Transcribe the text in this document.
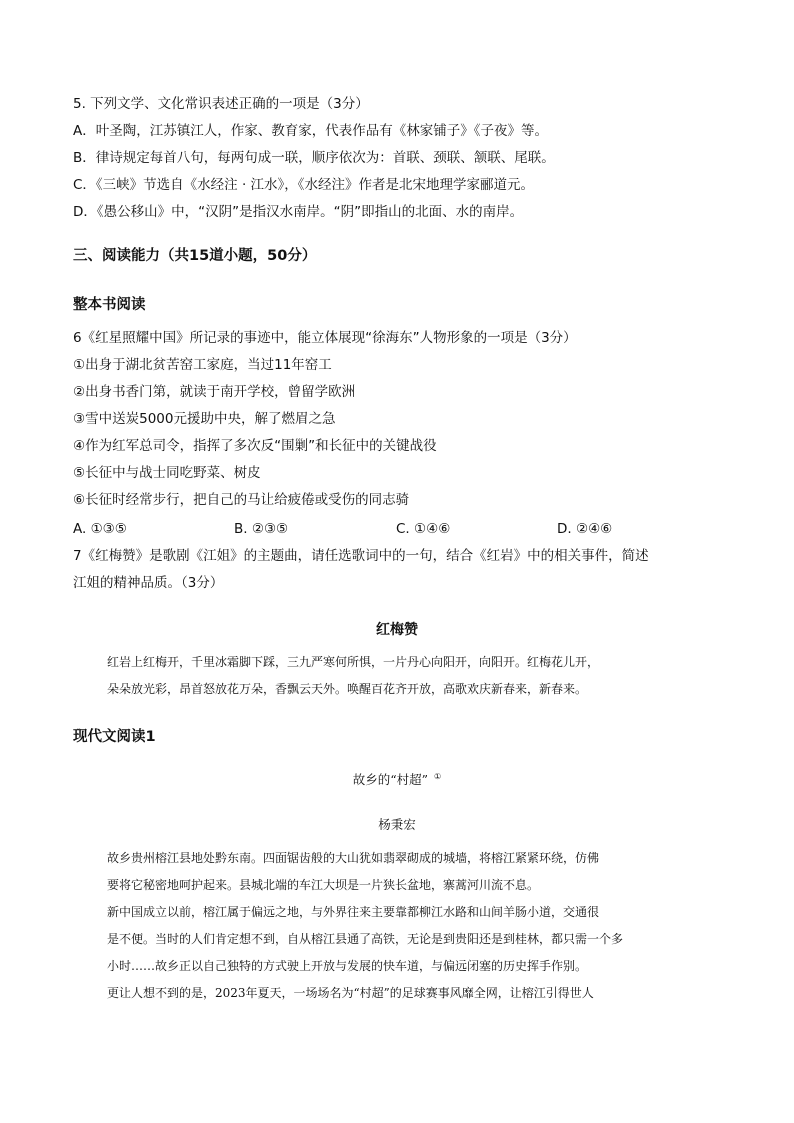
5. 下列文学、文化常识表述正确的一项是（3分）
A．叶圣陶，江苏镇江人，作家、教育家，代表作品有《林家铺子》《子夜》等。
B．律诗规定每首八句，每两句成一联，顺序依次为：首联、颈联、颔联、尾联。
C．《三峡》节选自《水经注 · 江水》，《水经注》作者是北宋地理学家郦道元。
D．《愚公移山》中，“汉阴”是指汉水南岸。“阴”即指山的北面、水的南岸。
三、阅读能力（共15道小题，50分）
整本书阅读
6《红星照耀中国》所记录的事迹中，能立体展现“徐海东”人物形象的一项是（3分）
①出身于湖北贫苦窑工家庭，当过11年窑工
②出身书香门第，就读于南开学校，曾留学欧洲
③雪中送炭5000元援助中央，解了燃眉之急
④作为红军总司令，指挥了多次反“围剿”和长征中的关键战役
⑤长征中与战士同吃野菜、树皮
⑥长征时经常步行，把自己的马让给疲倦或受伤的同志骑
A. ①③⑤	B. ②③⑤	C. ①④⑥	D. ②④⑥
7《红梅赞》是歌剧《江姐》的主题曲，请任选歌词中的一句，结合《红岩》中的相关事件，简述
江姐的精神品质。（3分）
红梅赞
红岩上红梅开，千里冰霜脚下踩，三九严寒何所惧，一片丹心向阳开，向阳开。红梅花儿开，
朵朵放光彩，昂首怒放花万朵，香飘云天外。唤醒百花齐开放，高歌欢庆新春来，新春来。
现代文阅读1
故乡的“村超” ①
杨秉宏
故乡贵州榕江县地处黔东南。四面锯齿般的大山犹如翡翠砌成的城墙，将榕江紧紧环绕，仿佛
要将它秘密地呵护起来。县城北端的车江大坝是一片狭长盆地，寨蒿河川流不息。
新中国成立以前，榕江属于偏远之地，与外界往来主要靠都柳江水路和山间羊肠小道，交通很
是不便。当时的人们肯定想不到，自从榕江县通了高铁，无论是到贵阳还是到桂林，都只需一个多
小时……故乡正以自己独特的方式驶上开放与发展的快车道，与偏远闭塞的历史挥手作别。
更让人想不到的是，2023年夏天，一场场名为“村超”的足球赛事风靡全网，让榕江引得世人
